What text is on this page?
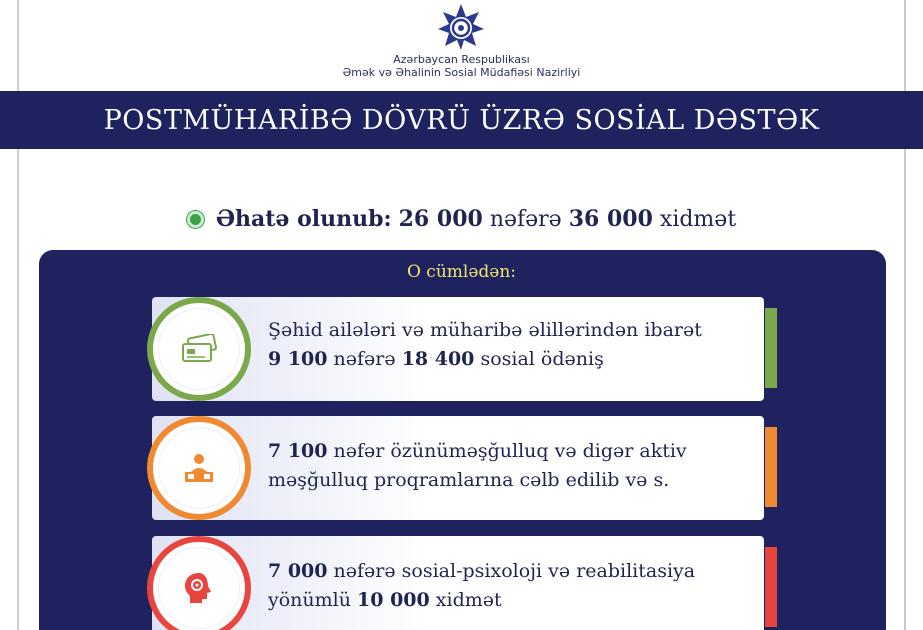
Azərbaycan Respublikası
Əmək və Əhalinin Sosial Müdafiəsi Nazirliyi
POSTMÜHARİBƏ DÖVRÜ ÜZRƏ SOSİAL DƏSTƏK
Əhatə olunub:
26 000
nəfərə
36 000
xidmət
O cümlədən:
Şəhid ailələri və müharibə əlillərindən ibarət
9 100 nəfərə 18 400 sosial ödəniş
7 100 nəfər özünüməşğulluq və digər aktiv
məşğulluq proqramlarına cəlb edilib və s.
7 000 nəfərə sosial-psixoloji və reabilitasiya
yönümlü 10 000 xidmət
